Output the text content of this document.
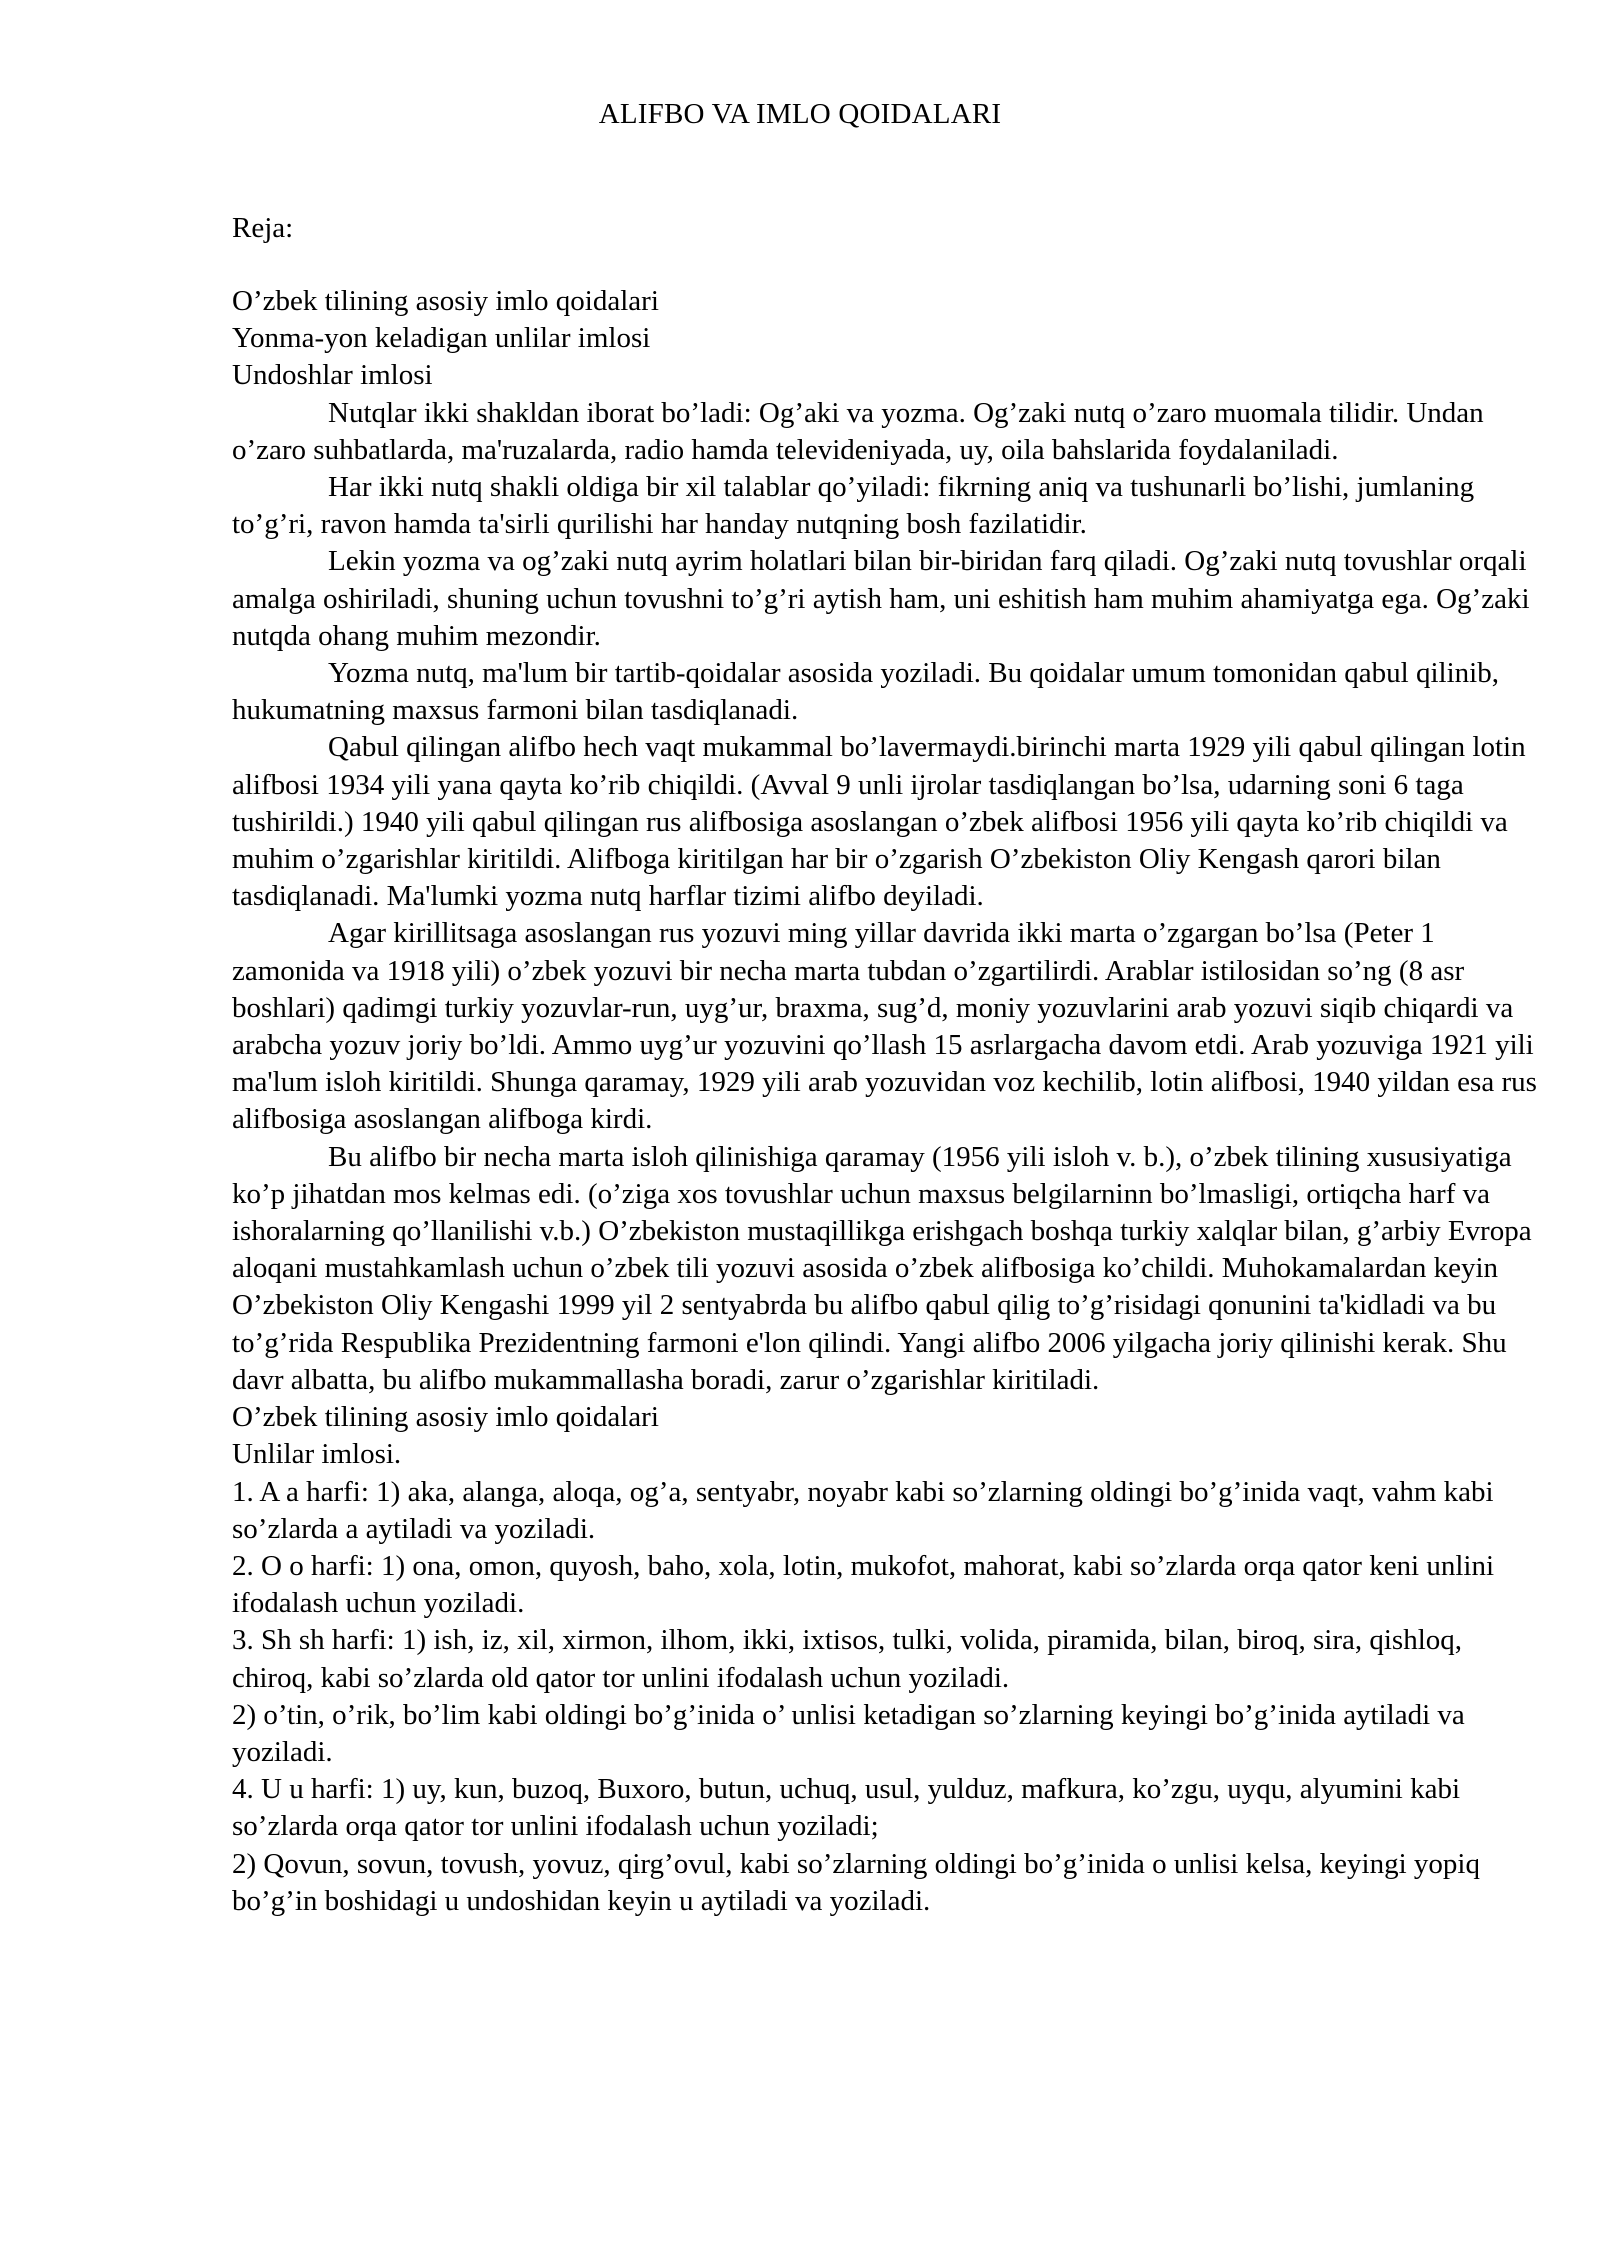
ALIFBO VA IMLO QOIDALARI
Reja:

O’zbek tilining asosiy imlo qoidalari

Yonma-yon keladigan unlilar imlosi

Undoshlar imlosi

Nutqlar ikki shakldan iborat bo’ladi: Og’aki va yozma. Og’zaki nutq o’zaro muomala tilidir. Undan o’zaro suhbatlarda, ma'ruzalarda, radio hamda televideniyada, uy, oila bahslarida foydalaniladi.

Har ikki nutq shakli oldiga bir xil talablar qo’yiladi: fikrning aniq va tushunarli bo’lishi, jumlaning to’g’ri, ravon hamda ta'sirli qurilishi har handay nutqning bosh fazilatidir.

Lekin yozma va og’zaki nutq ayrim holatlari bilan bir-biridan farq qiladi. Og’zaki nutq tovushlar orqali amalga oshiriladi, shuning uchun tovushni to’g’ri aytish ham, uni eshitish ham muhim ahamiyatga ega. Og’zaki nutqda ohang muhim mezondir.

Yozma nutq, ma'lum bir tartib-qoidalar asosida yoziladi. Bu qoidalar umum tomonidan qabul qilinib, hukumatning maxsus farmoni bilan tasdiqlanadi.

Qabul qilingan alifbo hech vaqt mukammal bo’lavermaydi.birinchi marta 1929 yili qabul qilingan lotin alifbosi 1934 yili yana qayta ko’rib chiqildi. (Avval 9 unli ijrolar tasdiqlangan bo’lsa, udarning soni 6 taga tushirildi.) 1940 yili qabul qilingan rus alifbosiga asoslangan o’zbek alifbosi 1956 yili qayta ko’rib chiqildi va muhim o’zgarishlar kiritildi. Alifboga kiritilgan har bir o’zgarish O’zbekiston Oliy Kengash qarori bilan tasdiqlanadi. Ma'lumki yozma nutq harflar tizimi alifbo deyiladi.

Agar kirillitsaga asoslangan rus yozuvi ming yillar davrida ikki marta o’zgargan bo’lsa (Peter 1 zamonida va 1918 yili) o’zbek yozuvi bir necha marta tubdan o’zgartilirdi. Arablar istilosidan so’ng (8 asr boshlari) qadimgi turkiy yozuvlar-run, uyg’ur, braxma, sug’d, moniy yozuvlarini arab yozuvi siqib chiqardi va arabcha yozuv joriy bo’ldi. Ammo uyg’ur yozuvini qo’llash 15 asrlargacha davom etdi. Arab yozuviga 1921 yili ma'lum isloh kiritildi. Shunga qaramay, 1929 yili arab yozuvidan voz kechilib, lotin alifbosi, 1940 yildan esa rus alifbosiga asoslangan alifboga kirdi.

Bu alifbo bir necha marta isloh qilinishiga qaramay (1956 yili isloh v. b.), o’zbek tilining xususiyatiga ko’p jihatdan mos kelmas edi. (o’ziga xos tovushlar uchun maxsus belgilarninn bo’lmasligi, ortiqcha harf va ishoralarning qo’llanilishi v.b.) O’zbekiston mustaqillikga erishgach boshqa turkiy xalqlar bilan, g’arbiy Evropa aloqani mustahkamlash uchun o’zbek tili yozuvi asosida o’zbek alifbosiga ko’childi. Muhokamalardan keyin O’zbekiston Oliy Kengashi 1999 yil 2 sentyabrda bu alifbo qabul qilig to’g’risidagi qonunini ta'kidladi va bu to’g’rida Respublika Prezidentning farmoni e'lon qilindi. Yangi alifbo 2006 yilgacha joriy qilinishi kerak. Shu davr albatta, bu alifbo mukammallasha boradi, zarur o’zgarishlar kiritiladi.

O’zbek tilining asosiy imlo qoidalari

Unlilar imlosi.

1. A a harfi: 1) aka, alanga, aloqa, og’a, sentyabr, noyabr kabi so’zlarning oldingi bo’g’inida vaqt, vahm kabi so’zlarda a aytiladi va yoziladi.

2. O o harfi: 1) ona, omon, quyosh, baho, xola, lotin, mukofot, mahorat, kabi so’zlarda orqa qator keni unlini ifodalash uchun yoziladi.

3. Sh sh harfi: 1) ish, iz, xil, xirmon, ilhom, ikki, ixtisos, tulki, volida, piramida, bilan, biroq, sira, qishloq, chiroq, kabi so’zlarda old qator tor unlini ifodalash uchun yoziladi.

2) o’tin, o’rik, bo’lim kabi oldingi bo’g’inida o’ unlisi ketadigan so’zlarning keyingi bo’g’inida aytiladi va yoziladi.

4. U u harfi: 1) uy, kun, buzoq, Buxoro, butun, uchuq, usul, yulduz, mafkura, ko’zgu, uyqu, alyumini kabi so’zlarda orqa qator tor unlini ifodalash uchun yoziladi;

2) Qovun, sovun, tovush, yovuz, qirg’ovul, kabi so’zlarning oldingi bo’g’inida o unlisi kelsa, keyingi yopiq bo’g’in boshidagi u undoshidan keyin u aytiladi va yoziladi.
